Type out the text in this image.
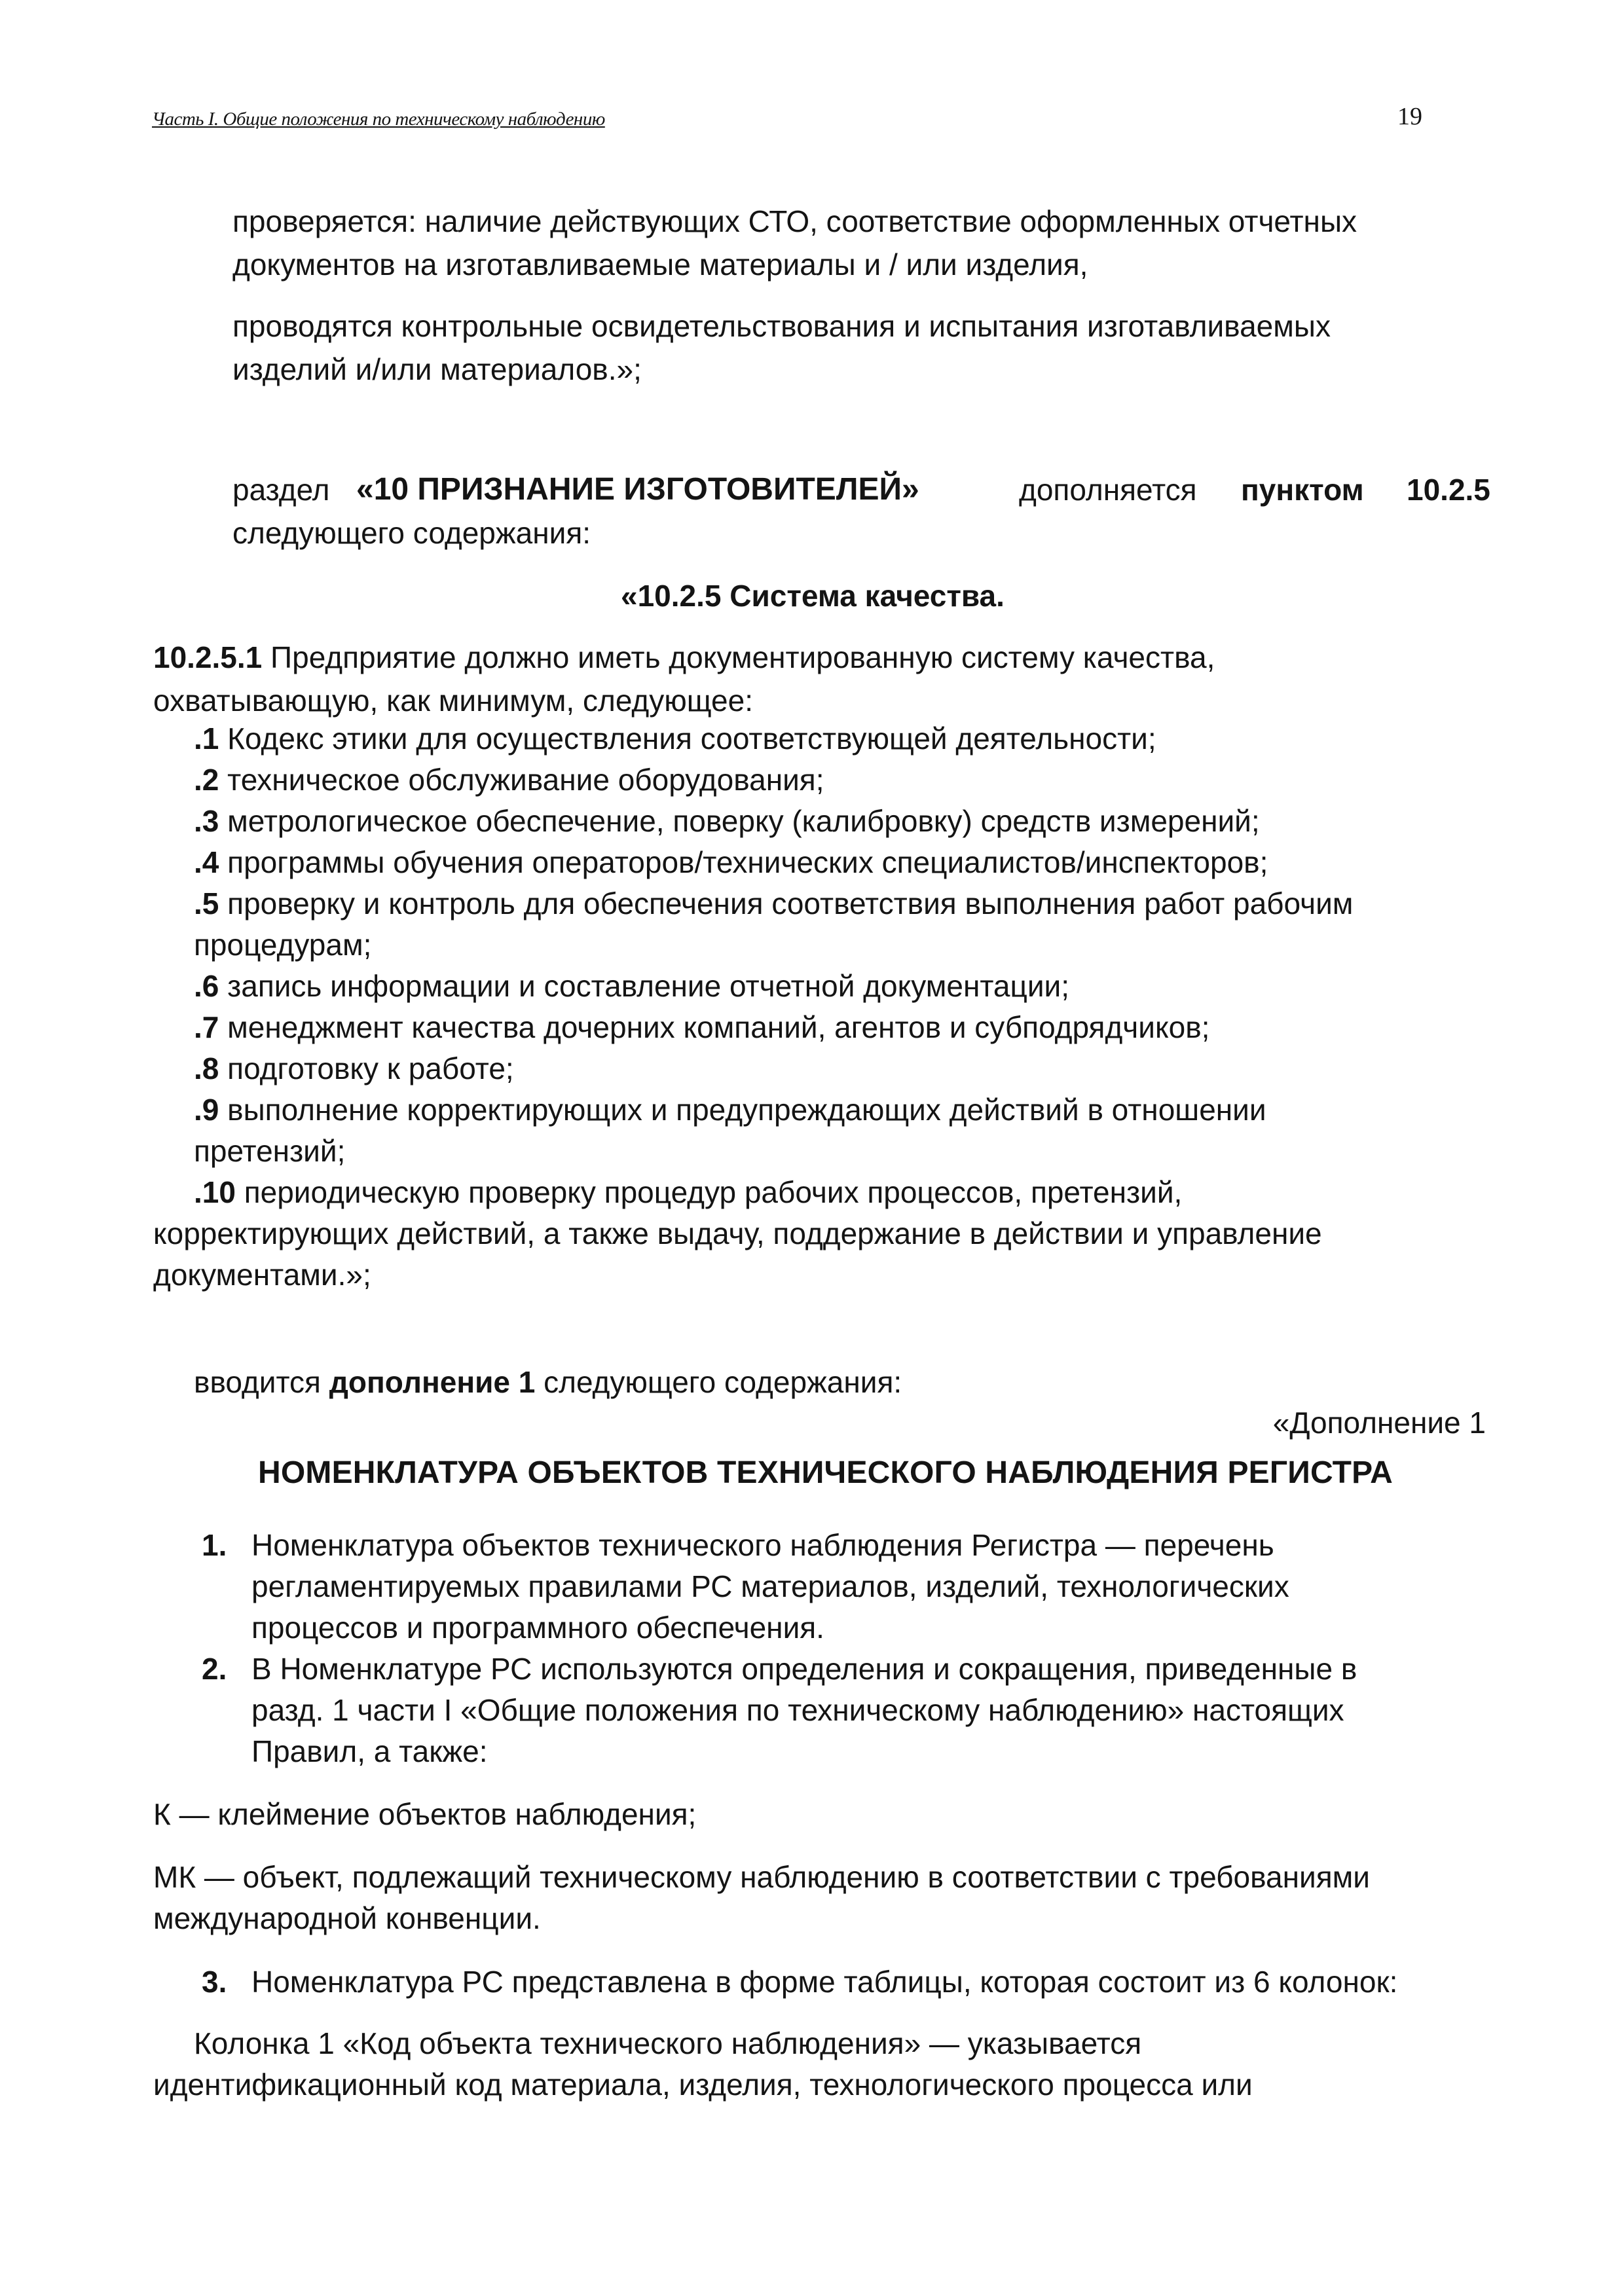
Часть I. Общие положения по техническому наблюдению	19
проверяется: наличие действующих СТО, соответствие оформленных отчетных
документов на изготавливаемые материалы и / или изделия,
проводятся контрольные освидетельствования и испытания изготавливаемых
изделий и/или материалов.»;
раздел «10 ПРИЗНАНИЕ ИЗГОТОВИТЕЛЕЙ»	дополняется пунктом 10.2.5
следующего содержания:
«10.2.5 Система качества.
10.2.5.1 Предприятие должно иметь документированную систему качества,
охватывающую, как минимум, следующее:
.1 Кодекс этики для осуществления соответствующей деятельности;
.2 техническое обслуживание оборудования;
.3 метрологическое обеспечение, поверку (калибровку) средств измерений;
.4 программы обучения операторов/технических специалистов/инспекторов;
.5 проверку и контроль для обеспечения соответствия выполнения работ рабочим
процедурам;
.6 запись информации и составление отчетной документации;
.7 менеджмент качества дочерних компаний, агентов и субподрядчиков;
.8 подготовку к работе;
.9 выполнение корректирующих и предупреждающих действий в отношении
претензий;
.10 периодическую проверку процедур рабочих процессов, претензий,
корректирующих действий, а также выдачу, поддержание в действии и управление
документами.»;
вводится дополнение 1 следующего содержания:
«Дополнение 1
НОМЕНКЛАТУРА ОБЪЕКТОВ ТЕХНИЧЕСКОГО НАБЛЮДЕНИЯ РЕГИСТРА
1. Номенклатура объектов технического наблюдения Регистра — перечень
регламентируемых правилами РС материалов, изделий, технологических
процессов и программного обеспечения.
2. В Номенклатуре РС используются определения и сокращения, приведенные в
разд. 1 части I «Общие положения по техническому наблюдению» настоящих
Правил, а также:
К — клеймение объектов наблюдения;
МК — объект, подлежащий техническому наблюдению в соответствии с требованиями
международной конвенции.
3. Номенклатура РС представлена в форме таблицы, которая состоит из 6 колонок:
Колонка 1 «Код объекта технического наблюдения» — указывается
идентификационный код материала, изделия, технологического процесса или
